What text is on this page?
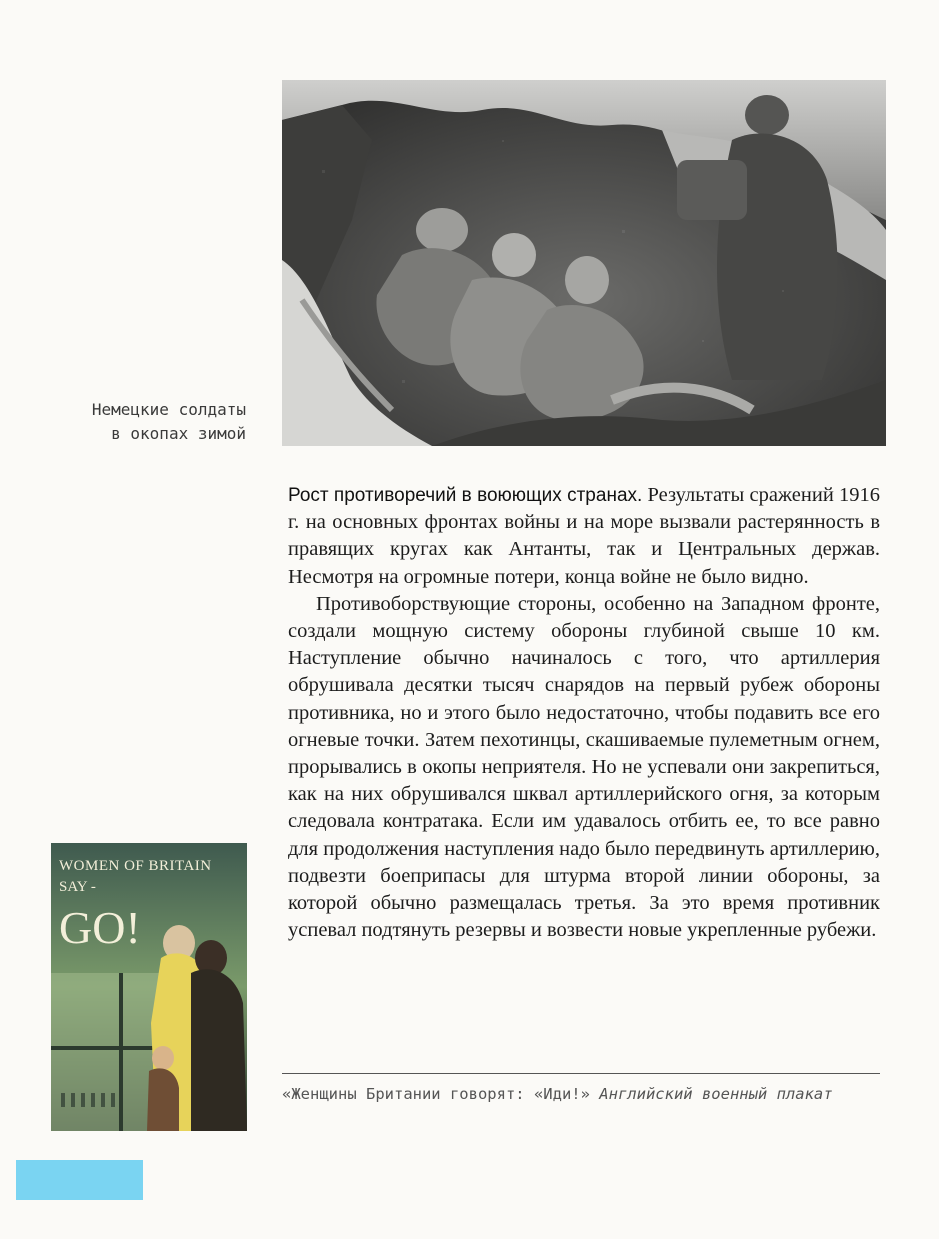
Немецкие солдаты
в окопах зимой

Рост противоречий в воюющих странах. Результаты сражений 1916 г. на основных фронтах войны и на море вызвали растерянность в правящих кругах как Антанты, так и Центральных держав. Несмотря на огромные потери, конца войне не было видно.

Противоборствующие стороны, особенно на Западном фронте, создали мощную систему обороны глубиной свыше 10 км. Наступление обычно начиналось с того, что артиллерия обрушивала десятки тысяч снарядов на первый рубеж обороны противника, но и этого было недостаточно, чтобы подавить все его огневые точки. Затем пехотинцы, скашиваемые пулеметным огнем, прорывались в окопы неприятеля. Но не успевали они закрепиться, как на них обрушивался шквал артиллерийского огня, за которым следовала контратака. Если им удавалось отбить ее, то все равно для продолжения наступления надо было передвинуть артиллерию, подвезти боеприпасы для штурма второй линии обороны, за которой обычно размещалась третья. За это время противник успевал подтянуть резервы и возвести новые укрепленные рубежи.

«Женщины Британии говорят: «Иди!» Английский военный плакат
WOMEN OF BRITAIN
SAY -
GO!
